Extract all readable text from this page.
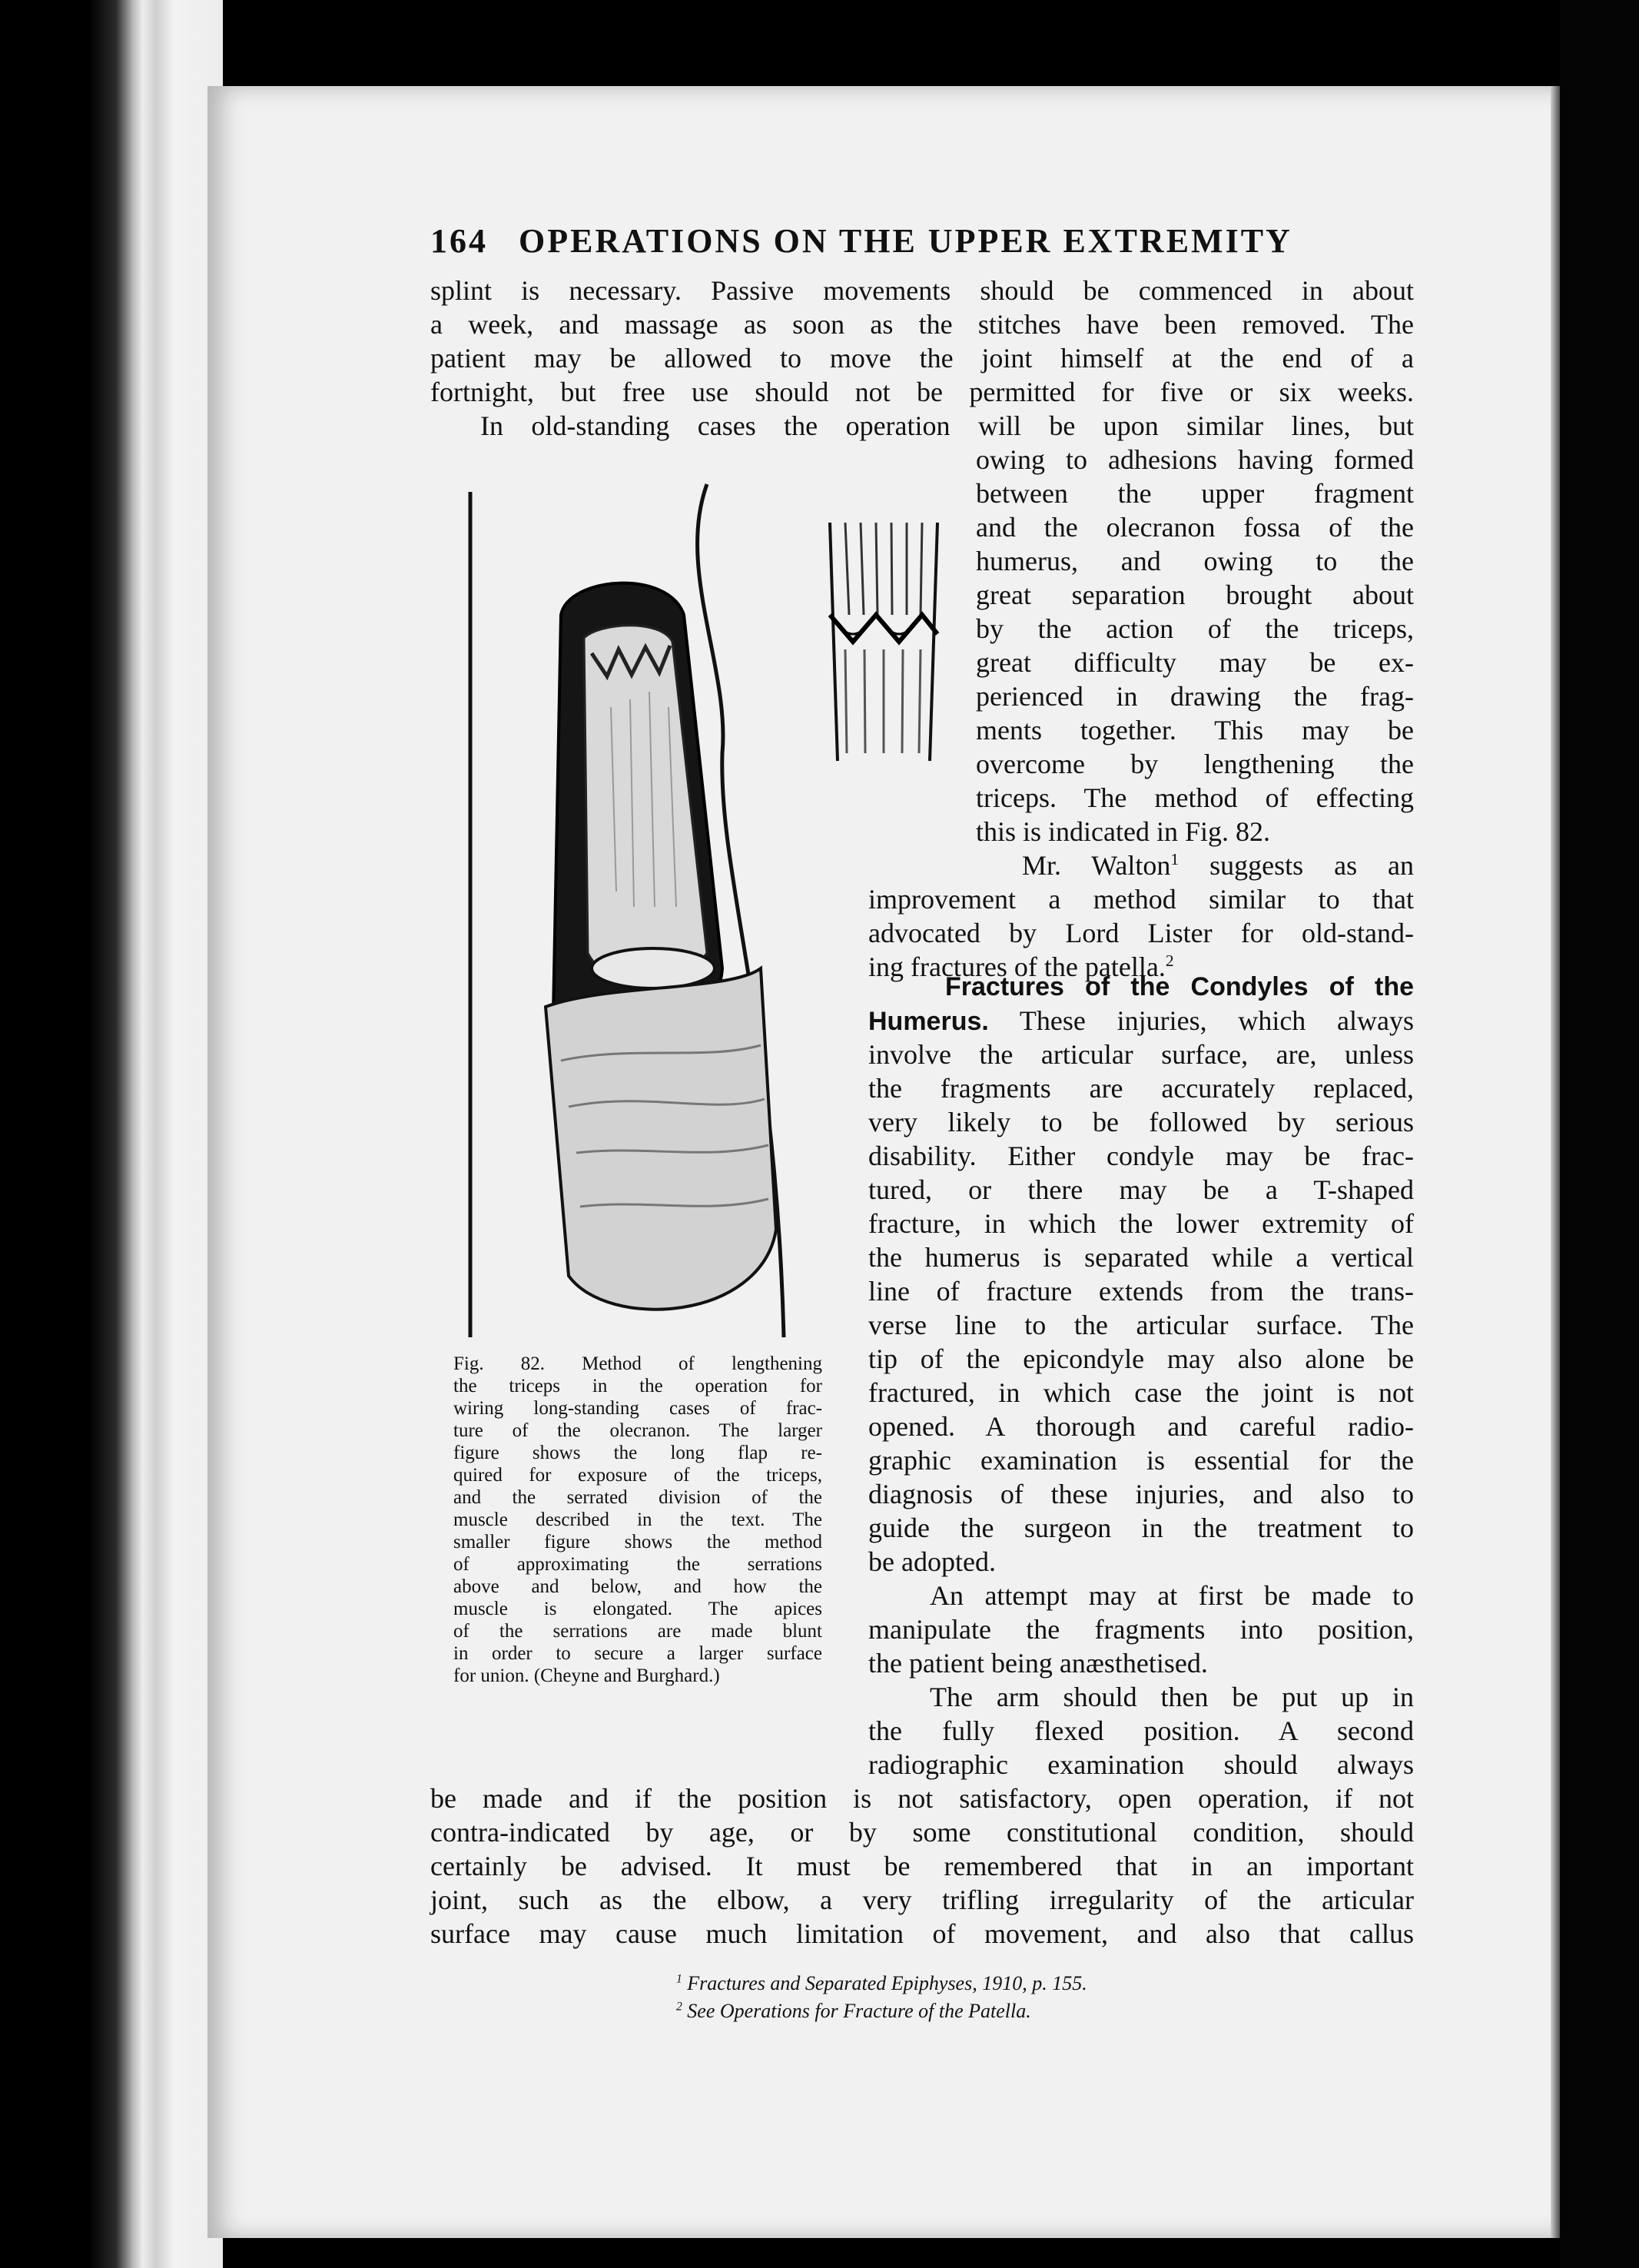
164 OPERATIONS ON THE UPPER EXTREMITY
splint is necessary. Passive movements should be commenced in about
a week, and massage as soon as the stitches have been removed. The
patient may be allowed to move the joint himself at the end of a
fortnight, but free use should not be permitted for five or six weeks.
In old-standing cases the operation will be upon similar lines, but
owing to adhesions having formed
between the upper fragment
and the olecranon fossa of the
humerus, and owing to the
great separation brought about
by the action of the triceps,
great difficulty may be ex-
perienced in drawing the frag-
ments together. This may be
overcome by lengthening the
triceps. The method of effecting
this is indicated in Fig. 82.
Mr. Walton$^1$ suggests as an
improvement a method similar to that
advocated by Lord Lister for old-stand-
ing fractures of the patella.$^2$
Fractures of the Condyles of the
Humerus. These injuries, which always
involve the articular surface, are, unless
the fragments are accurately replaced,
very likely to be followed by serious
disability. Either condyle may be frac-
tured, or there may be a T-shaped
fracture, in which the lower extremity of
the humerus is separated while a vertical
line of fracture extends from the trans-
verse line to the articular surface. The
tip of the epicondyle may also alone be
fractured, in which case the joint is not
opened. A thorough and careful radio-
graphic examination is essential for the
diagnosis of these injuries, and also to
guide the surgeon in the treatment to
be adopted.
An attempt may at first be made to
manipulate the fragments into position,
the patient being anæsthetised.
The arm should then be put up in
the fully flexed position. A second
radiographic examination should always
be made and if the position is not satisfactory, open operation, if not
contra-indicated by age, or by some constitutional condition, should
certainly be advised. It must be remembered that in an important
joint, such as the elbow, a very trifling irregularity of the articular
surface may cause much limitation of movement, and also that callus
$^1$ Fractures and Separated Epiphyses, 1910, p. 155.
$^2$ See Operations for Fracture of the Patella.
Fig. 82. Method of lengthening
the triceps in the operation for
wiring long-standing cases of frac-
ture of the olecranon. The larger
figure shows the long flap re-
quired for exposure of the triceps,
and the serrated division of the
muscle described in the text. The
smaller figure shows the method
of approximating the serrations
above and below, and how the
muscle is elongated. The apices
of the serrations are made blunt
in order to secure a larger surface
for union. (Cheyne and Burghard.)
